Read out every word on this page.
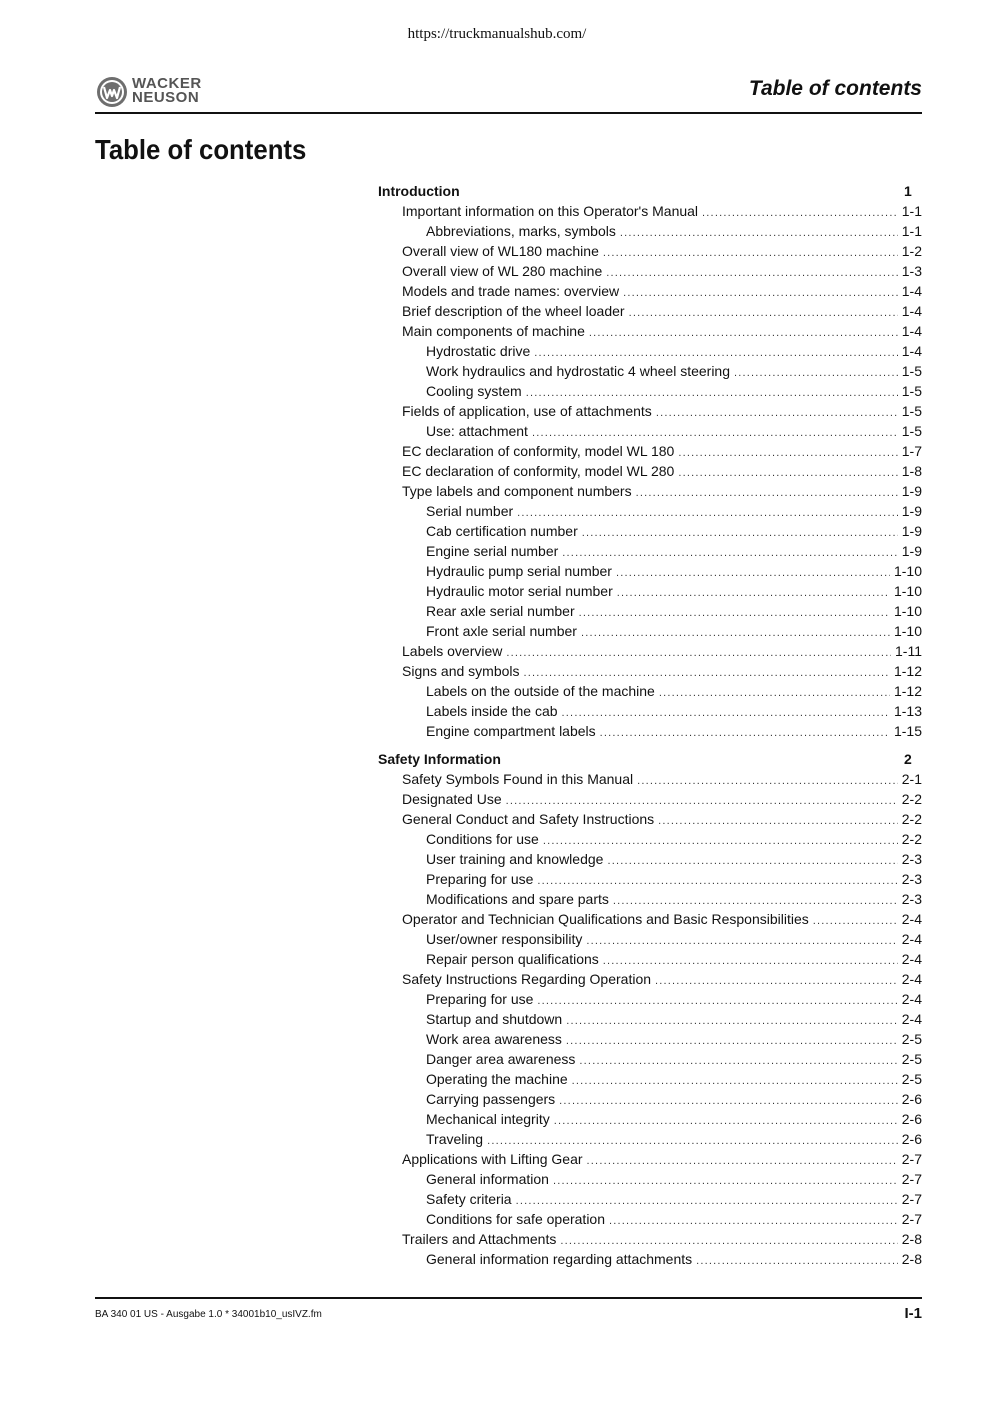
https://truckmanualshub.com/
WACKER
NEUSON	Table of contents
Table of contents
Introduction	1
Important information on this Operator's Manual .....	1-1
Abbreviations, marks, symbols .....	1-1
Overall view of WL180 machine .....	1-2
Overall view of WL 280 machine .....	1-3
Models and trade names: overview .....	1-4
Brief description of the wheel loader .....	1-4
Main components of machine .....	1-4
Hydrostatic drive .....	1-4
Work hydraulics and hydrostatic 4 wheel steering .....	1-5
Cooling system .....	1-5
Fields of application, use of attachments .....	1-5
Use: attachment .....	1-5
EC declaration of conformity, model WL 180 .....	1-7
EC declaration of conformity, model WL 280 .....	1-8
Type labels and component numbers .....	1-9
Serial number .....	1-9
Cab certification number .....	1-9
Engine serial number .....	1-9
Hydraulic pump serial number .....	1-10
Hydraulic motor serial number .....	1-10
Rear axle serial number .....	1-10
Front axle serial number .....	1-10
Labels overview .....	1-11
Signs and symbols .....	1-12
Labels on the outside of the machine .....	1-12
Labels inside the cab .....	1-13
Engine compartment labels .....	1-15
Safety Information	2
Safety Symbols Found in this Manual .....	2-1
Designated Use .....	2-2
General Conduct and Safety Instructions .....	2-2
Conditions for use .....	2-2
User training and knowledge .....	2-3
Preparing for use .....	2-3
Modifications and spare parts .....	2-3
Operator and Technician Qualifications and Basic Responsibilities .....	2-4
User/owner responsibility .....	2-4
Repair person qualifications .....	2-4
Safety Instructions Regarding Operation .....	2-4
Preparing for use .....	2-4
Startup and shutdown .....	2-4
Work area awareness .....	2-5
Danger area awareness .....	2-5
Operating the machine .....	2-5
Carrying passengers .....	2-6
Mechanical integrity .....	2-6
Traveling .....	2-6
Applications with Lifting Gear .....	2-7
General information .....	2-7
Safety criteria .....	2-7
Conditions for safe operation .....	2-7
Trailers and Attachments .....	2-8
General information regarding attachments .....	2-8
BA 340 01 US - Ausgabe 1.0 * 34001b10_usIVZ.fm	I-1
